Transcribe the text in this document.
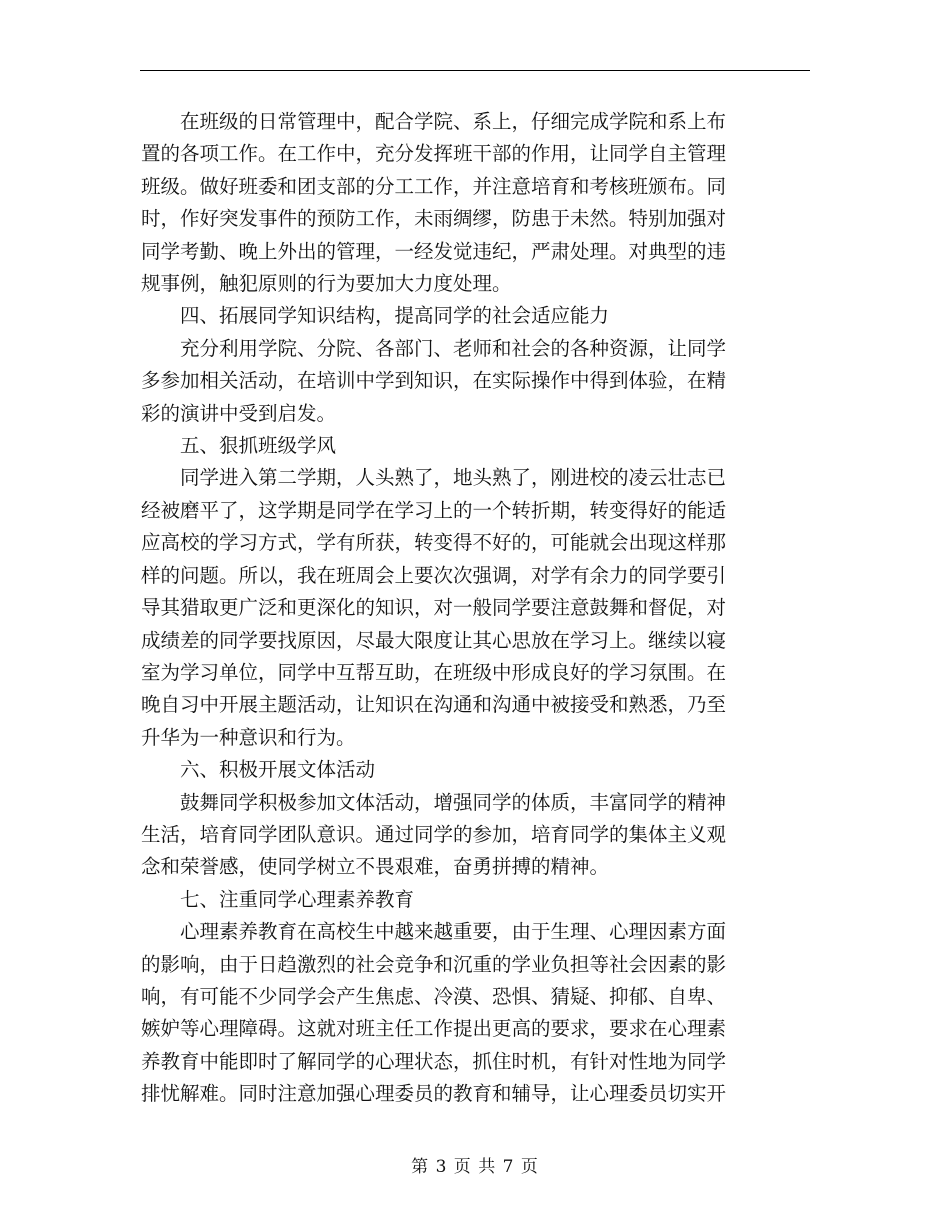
在班级的日常管理中，配合学院、系上，仔细完成学院和系上布
置的各项工作。在工作中，充分发挥班干部的作用，让同学自主管理
班级。做好班委和团支部的分工工作，并注意培育和考核班颁布。同
时，作好突发事件的预防工作，未雨绸缪，防患于未然。特别加强对
同学考勤、晚上外出的管理，一经发觉违纪，严肃处理。对典型的违
规事例，触犯原则的行为要加大力度处理。

四、拓展同学知识结构，提高同学的社会适应能力

充分利用学院、分院、各部门、老师和社会的各种资源，让同学
多参加相关活动，在培训中学到知识，在实际操作中得到体验，在精
彩的演讲中受到启发。

五、狠抓班级学风

同学进入第二学期，人头熟了，地头熟了，刚进校的凌云壮志已
经被磨平了，这学期是同学在学习上的一个转折期，转变得好的能适
应高校的学习方式，学有所获，转变得不好的，可能就会出现这样那
样的问题。所以，我在班周会上要次次强调，对学有余力的同学要引
导其猎取更广泛和更深化的知识，对一般同学要注意鼓舞和督促，对
成绩差的同学要找原因，尽最大限度让其心思放在学习上。继续以寝
室为学习单位，同学中互帮互助，在班级中形成良好的学习氛围。在
晚自习中开展主题活动，让知识在沟通和沟通中被接受和熟悉，乃至
升华为一种意识和行为。

六、积极开展文体活动

鼓舞同学积极参加文体活动，增强同学的体质，丰富同学的精神
生活，培育同学团队意识。通过同学的参加，培育同学的集体主义观
念和荣誉感，使同学树立不畏艰难，奋勇拼搏的精神。

七、注重同学心理素养教育

心理素养教育在高校生中越来越重要，由于生理、心理因素方面
的影响，由于日趋激烈的社会竞争和沉重的学业负担等社会因素的影
响，有可能不少同学会产生焦虑、冷漠、恐惧、猜疑、抑郁、自卑、
嫉妒等心理障碍。这就对班主任工作提出更高的要求，要求在心理素
养教育中能即时了解同学的心理状态，抓住时机，有针对性地为同学
排忧解难。同时注意加强心理委员的教育和辅导，让心理委员切实开
第 3 页 共 7 页
